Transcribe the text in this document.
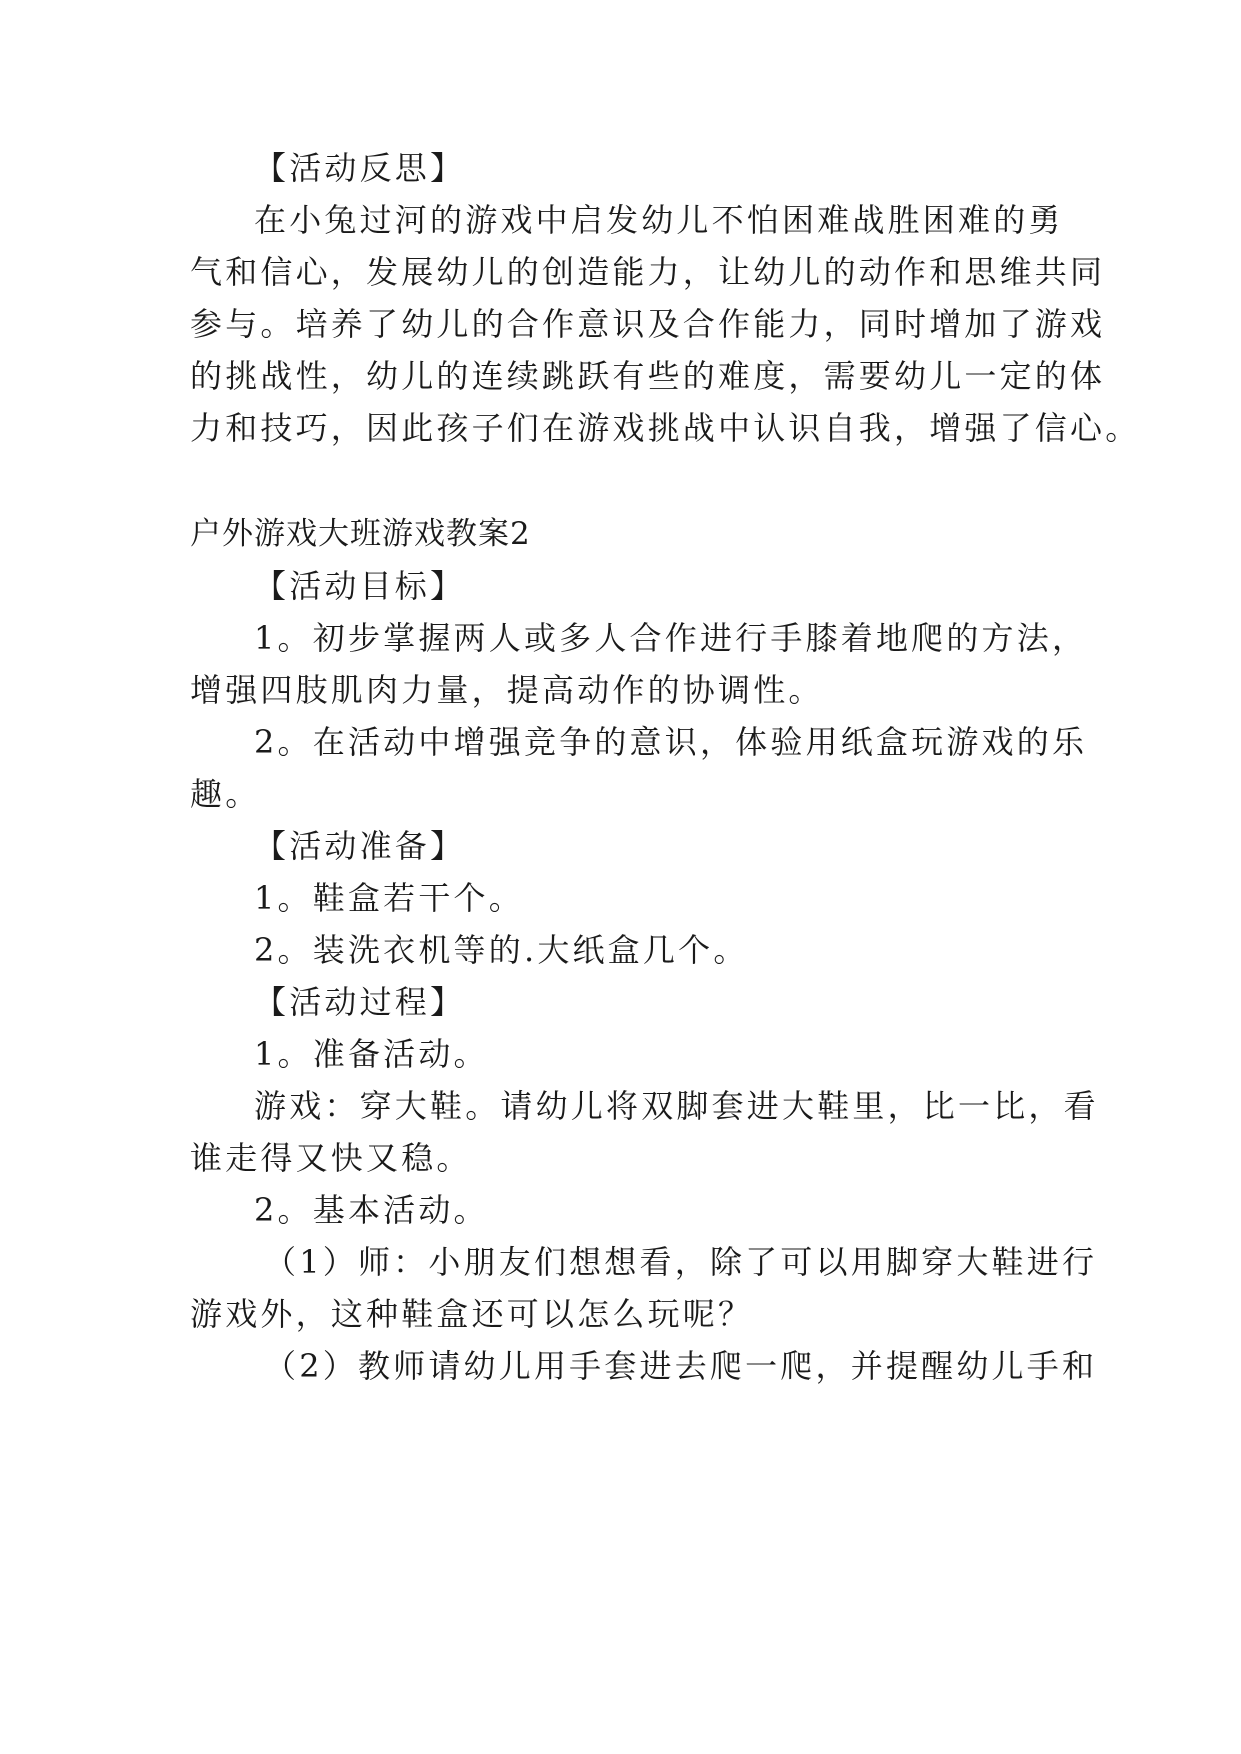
【活动反思】
在小兔过河的游戏中启发幼儿不怕困难战胜困难的勇
气和信心，发展幼儿的创造能力，让幼儿的动作和思维共同
参与。培养了幼儿的合作意识及合作能力，同时增加了游戏
的挑战性，幼儿的连续跳跃有些的难度，需要幼儿一定的体
力和技巧，因此孩子们在游戏挑战中认识自我，增强了信心。
户外游戏大班游戏教案2
【活动目标】
1。初步掌握两人或多人合作进行手膝着地爬的方法，
增强四肢肌肉力量，提高动作的协调性。
2。在活动中增强竞争的意识，体验用纸盒玩游戏的乐
趣。
【活动准备】
1。鞋盒若干个。
2。装洗衣机等的.大纸盒几个。
【活动过程】
1。准备活动。
游戏：穿大鞋。请幼儿将双脚套进大鞋里，比一比，看
谁走得又快又稳。
2。基本活动。
（1）师：小朋友们想想看，除了可以用脚穿大鞋进行
游戏外，这种鞋盒还可以怎么玩呢？
（2）教师请幼儿用手套进去爬一爬，并提醒幼儿手和
